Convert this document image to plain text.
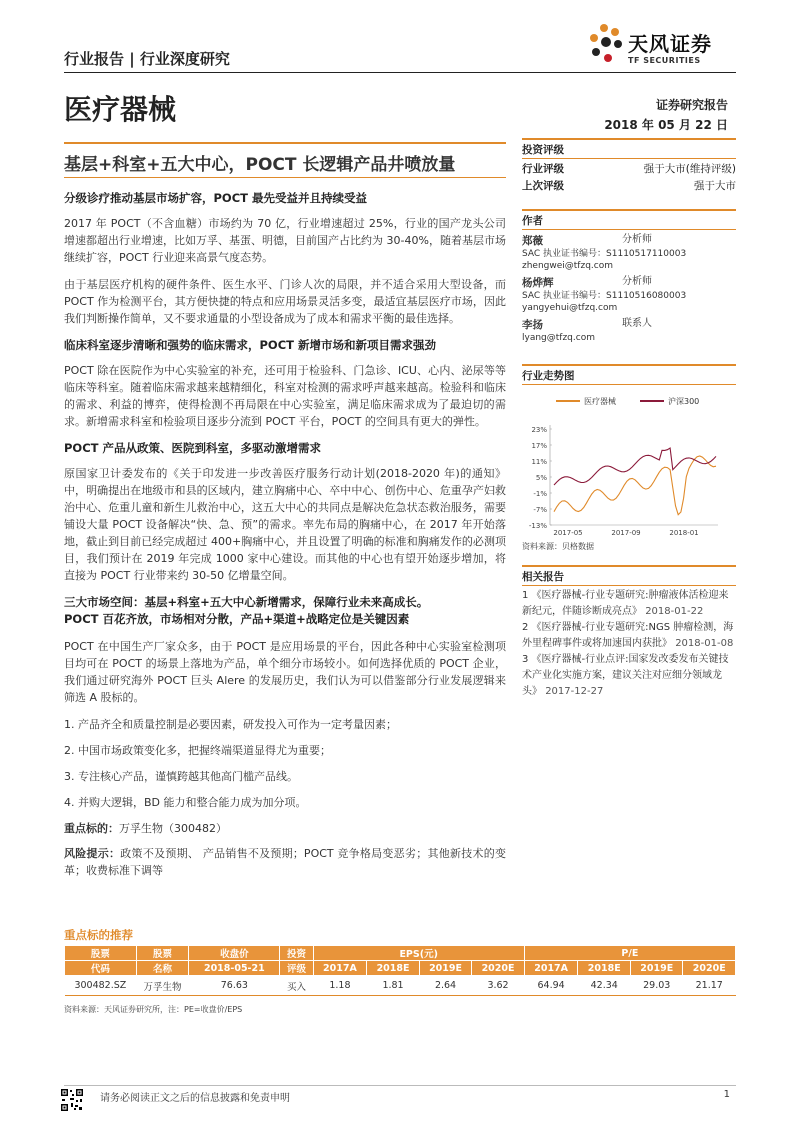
行业报告 | 行业深度研究
天风证券
TF SECURITIES
医疗器械	证券研究报告
2018 年 05 月 22 日
基层+科室+五大中心，POCT 长逻辑产品井喷放量
分级诊疗推动基层市场扩容，POCT 最先受益并且持续受益

2017 年 POCT（不含血糖）市场约为 70 亿，行业增速超过 25%，行业的国产龙头公司增速都超出行业增速，比如万孚、基蛋、明德，目前国产占比约为 30-40%，随着基层市场继续扩容，POCT 行业迎来高景气度态势。

由于基层医疗机构的硬件条件、医生水平、门诊人次的局限，并不适合采用大型设备，而 POCT 作为检测平台，其方便快捷的特点和应用场景灵活多变，最适宜基层医疗市场，因此我们判断操作简单，又不要求通量的小型设备成为了成本和需求平衡的最佳选择。

临床科室逐步清晰和强势的临床需求，POCT 新增市场和新项目需求强劲

POCT 除在医院作为中心实验室的补充，还可用于检验科、门急诊、ICU、心内、泌尿等等临床等科室。随着临床需求越来越精细化，科室对检测的需求呼声越来越高。检验科和临床的需求、利益的博弈，使得检测不再局限在中心实验室，满足临床需求成为了最迫切的需求。新增需求科室和检验项目逐步分流到 POCT 平台，POCT 的空间具有更大的弹性。

POCT 产品从政策、医院到科室，多驱动激增需求

原国家卫计委发布的《关于印发进一步改善医疗服务行动计划(2018-2020 年)的通知》中，明确提出在地级市和县的区域内，建立胸痛中心、卒中中心、创伤中心、危重孕产妇救治中心、危重儿童和新生儿救治中心，这五大中心的共同点是解决危急状态救治服务，需要铺设大量 POCT 设备解决“快、急、预”的需求。率先布局的胸痛中心，在 2017 年开始落地，截止到目前已经完成超过 400+胸痛中心，并且设置了明确的标准和胸痛发作的必测项目，我们预计在 2019 年完成 1000 家中心建设。而其他的中心也有望开始逐步增加，将直接为 POCT 行业带来约 30-50 亿增量空间。

三大市场空间：基层+科室+五大中心新增需求，保障行业未来高成长。
POCT 百花齐放，市场相对分散，产品+渠道+战略定位是关键因素

POCT 在中国生产厂家众多，由于 POCT 是应用场景的平台，因此各种中心实验室检测项目均可在 POCT 的场景上落地为产品，单个细分市场较小。如何选择优质的 POCT 企业，我们通过研究海外 POCT 巨头 Alere 的发展历史，我们认为可以借鉴部分行业发展逻辑来筛选 A 股标的。

1. 产品齐全和质量控制是必要因素，研发投入可作为一定考量因素；
2. 中国市场政策变化多，把握终端渠道显得尤为重要；
3. 专注核心产品，谨慎跨越其他高门槛产品线。
4. 并购大逻辑，BD 能力和整合能力成为加分项。

重点标的：万孚生物（300482）

风险提示：政策不及预期、 产品销售不及预期；POCT 竞争格局变恶劣；其他新技术的变革；收费标准下调等

投资评级
行业评级	强于大市(维持评级)
上次评级	强于大市
作者
郑薇	分析师
SAC 执业证书编号：S1110517110003
zhengwei@tfzq.com
杨烨辉	分析师
SAC 执业证书编号：S1110516080003
yangyehui@tfzq.com
李扬	联系人
lyang@tfzq.com
行业走势图
医疗器械	沪深300
23%
17%
11%
5%
-1%
-7%
-13%
2017-05	2017-09	2018-01
资料来源：贝格数据
相关报告

1 《医疗器械-行业专题研究:肿瘤液体活检迎来新纪元，伴随诊断成亮点》 2018-01-22

2 《医疗器械-行业专题研究:NGS 肿瘤检测，海外里程碑事件或将加速国内获批》 2018-01-08

3 《医疗器械-行业点评:国家发改委发布关键技术产业化实施方案，建议关注对应细分领域龙头》 2017-12-27

重点标的推荐
股票	股票	收盘价	投资	EPS(元)				P/E			
代码	名称	2018-05-21	评级	2017A	2018E	2019E	2020E	2017A	2018E	2019E	2020E
300482.SZ	万孚生物	76.63	买入	1.18	1.81	2.64	3.62	64.94	42.34	29.03	21.17
资料来源：天风证券研究所，注：PE=收盘价/EPS
请务必阅读正文之后的信息披露和免责申明	1
